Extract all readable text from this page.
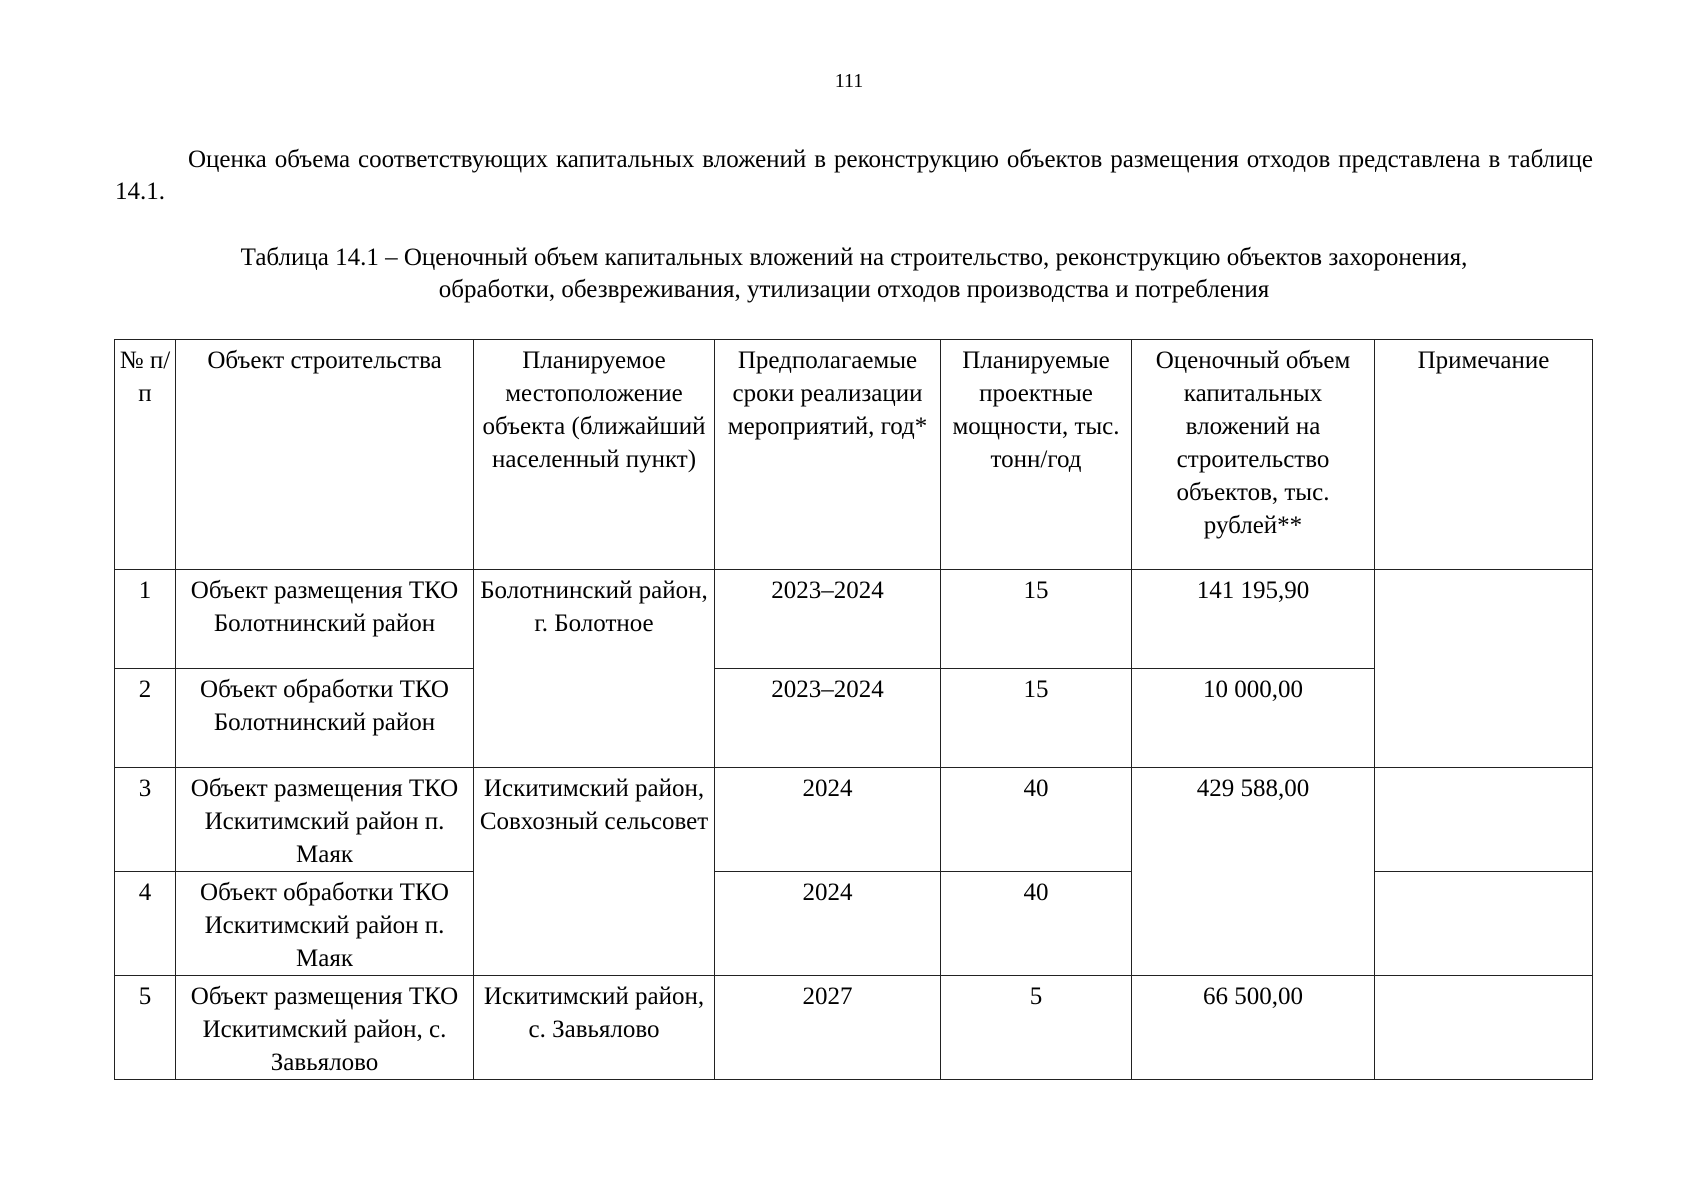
111

Оценка объема соответствующих капитальных вложений в реконструкцию объектов размещения отходов представлена в таблице 14.1.

Таблица 14.1 – Оценочный объем капитальных вложений на строительство, реконструкцию объектов захоронения,
обработки, обезвреживания, утилизации отходов производства и потребления

№ п/п	Объект строительства	Планируемое местоположение объекта (ближайший населенный пункт)	Предполагаемые сроки реализации мероприятий, год*	Планируемые проектные мощности, тыс. тонн/год	Оценочный объем капитальных вложений на строительство объектов, тыс. рублей**	Примечание
1	Объект размещения ТКО Болотнинский район	Болотнинский район, г. Болотное	2023–2024	15	141 195,90	
2	Объект обработки ТКО Болотнинский район		2023–2024	15	10 000,00	
3	Объект размещения ТКО Искитимский район п. Маяк	Искитимский район, Совхозный сельсовет	2024	40	429 588,00	
4	Объект обработки ТКО Искитимский район п. Маяк		2024	40		
5	Объект размещения ТКО Искитимский район, с. Завьялово	Искитимский район, с. Завьялово	2027	5	66 500,00	
